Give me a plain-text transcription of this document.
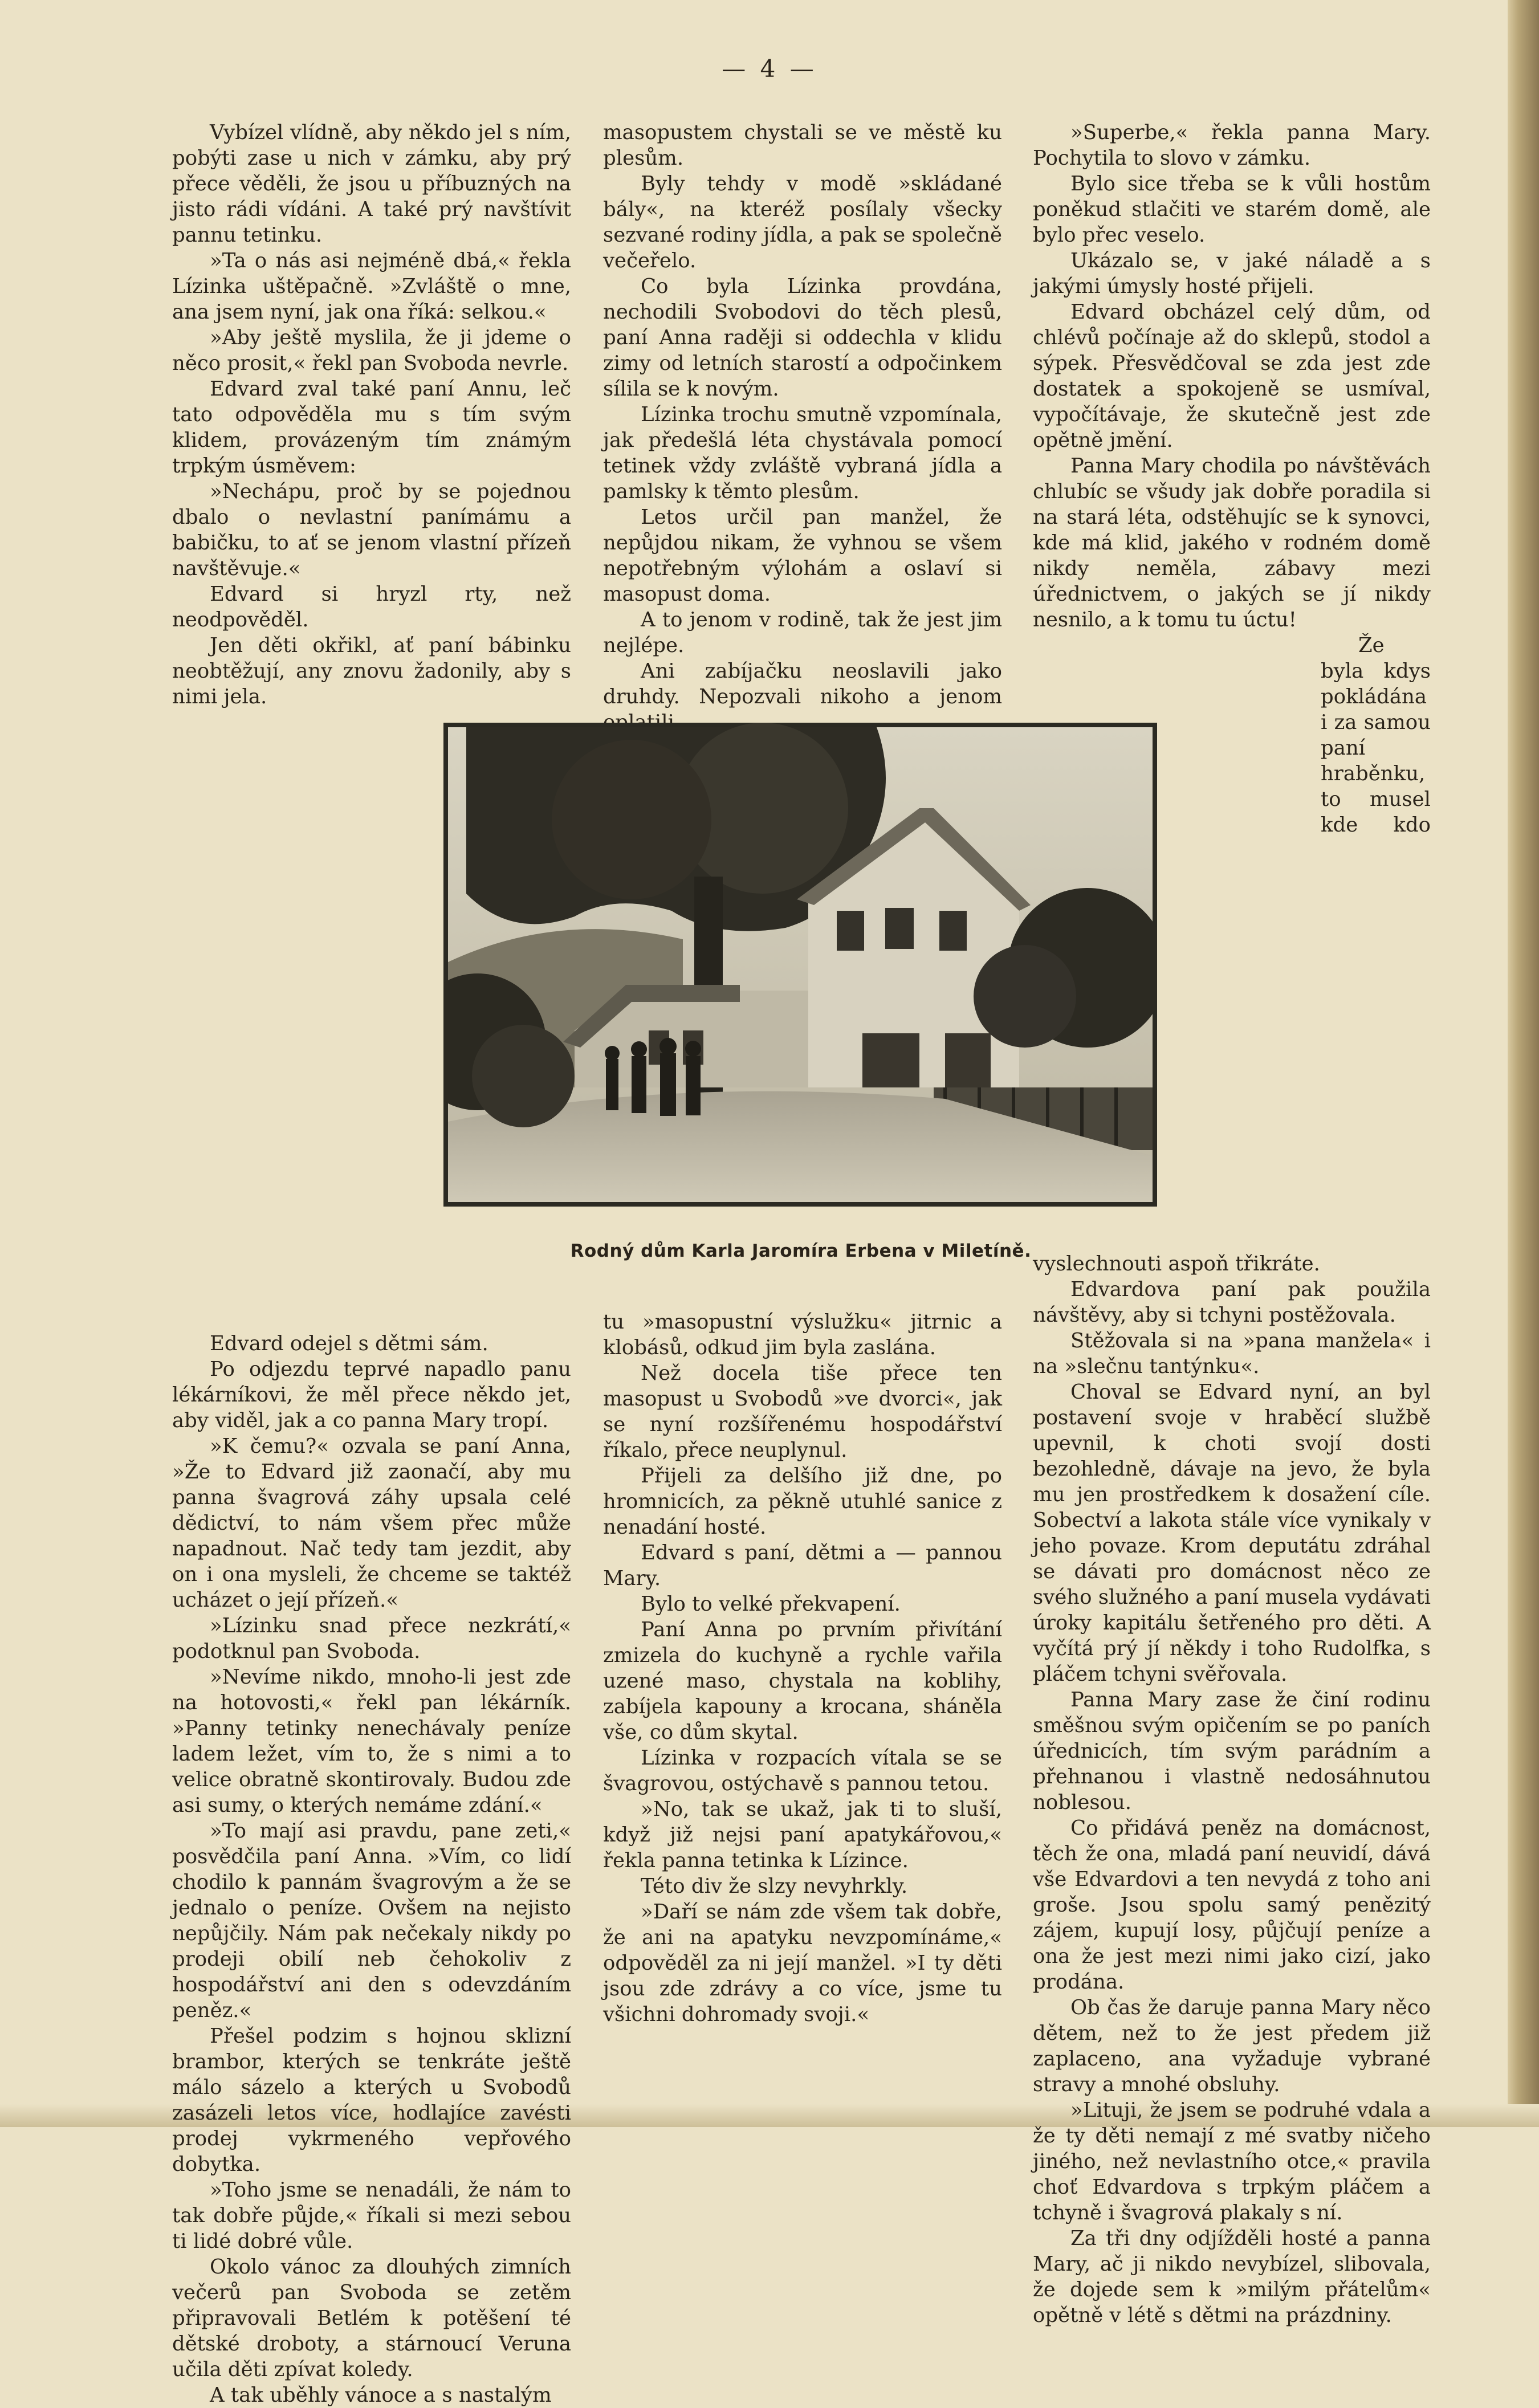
— 4 —

Vybízel vlídně, aby někdo jel s ním, pobýti zase u nich v zámku, aby prý přece věděli, že jsou u příbuzných na jisto rádi vídáni. A také prý navštívit pannu tetinku.

»Ta o nás asi nejméně dbá,« řekla Lízinka uštěpačně. »Zvláště o mne, ana jsem nyní, jak ona říká: selkou.«

»Aby ještě myslila, že ji jdeme o něco prosit,« řekl pan Svoboda nevrle.

Edvard zval také paní Annu, leč tato odpověděla mu s tím svým klidem, provázeným tím známým trpkým úsměvem:

»Nechápu, proč by se pojednou dbalo o nevlastní panímámu a babičku, to ať se jenom vlastní přízeň navštěvuje.«

Edvard si hryzl rty, než neodpověděl.

Jen děti okřikl, ať paní bábinku neobtěžují, any znovu žadonily, aby s nimi jela.

Edvard odejel s dětmi sám.

Po odjezdu teprvé napadlo panu lékárníkovi, že měl přece někdo jet, aby viděl, jak a co panna Mary tropí.

»K čemu?« ozvala se paní Anna, »Že to Edvard již zaonačí, aby mu panna švagrová záhy upsala celé dědictví, to nám všem přec může napadnout. Nač tedy tam jezdit, aby on i ona mysleli, že chceme se taktéž ucházet o její přízeň.«

»Lízinku snad přece nezkrátí,« podotknul pan Svoboda.

»Nevíme nikdo, mnoho-li jest zde na hotovosti,« řekl pan lékárník. »Panny tetinky nenechávaly peníze ladem ležet, vím to, že s nimi a to velice obratně skontirovaly. Budou zde asi sumy, o kterých nemáme zdání.«

»To mají asi pravdu, pane zeti,« posvědčila paní Anna. »Vím, co lidí chodilo k pannám švagrovým a že se jednalo o peníze. Ovšem na nejisto nepůjčily. Nám pak nečekaly nikdy po prodeji obilí neb čehokoliv z hospodářství ani den s odevzdáním peněz.«

Přešel podzim s hojnou sklizní brambor, kterých se tenkráte ještě málo sázelo a kterých u Svobodů zasázeli letos více, hodlajíce zavésti prodej vykrmeného vepřového dobytka.

»Toho jsme se nenadáli, že nám to tak dobře půjde,« říkali si mezi sebou ti lidé dobré vůle.

Okolo vánoc za dlouhých zimních večerů pan Svoboda se zetěm připravovali Betlém k potěšení té dětské droboty, a stárnoucí Veruna učila děti zpívat koledy.

A tak uběhly vánoce a s nastalým

masopustem chystali se ve městě ku plesům.

Byly tehdy v modě »skládané bály«, na kteréž posílaly všecky sezvané rodiny jídla, a pak se společně večeřelo.

Co byla Lízinka provdána, nechodili Svobodovi do těch plesů, paní Anna raději si oddechla v klidu zimy od letních starostí a odpočinkem sílila se k novým.

Lízinka trochu smutně vzpomínala, jak předešlá léta chystávala pomocí tetinek vždy zvláště vybraná jídla a pamlsky k těmto plesům.

Letos určil pan manžel, že nepůjdou nikam, že vyhnou se všem nepotřebným výlohám a oslaví si masopust doma.

A to jenom v rodině, tak že jest jim nejlépe.

Ani zabíjačku neoslavili jako druhdy. Nepozvali nikoho a jenom

tu »masopustní výslužku« jitrnic a klobásů, odkud jim byla zaslána.

Než docela tiše přece ten masopust u Svobodů »ve dvorci«, jak se nyní rozšířenému hospodářství říkalo, přece neuplynul.

Přijeli za delšího již dne, po hromnicích, za pěkně utuhlé sanice z nenadání hosté.

Edvard s paní, dětmi a — pannou Mary.

Bylo to velké překvapení.

Paní Anna po prvním přivítání zmizela do kuchyně a rychle vařila uzené maso, chystala na koblihy, zabíjela kapouny a krocana, sháněla vše, co dům skytal.

Lízinka v rozpacích vítala se se švagrovou, ostýchavě s pannou tetou.

»No, tak se ukaž, jak ti to sluší, když již nejsi paní apatykářovou,« řekla panna tetinka k Lízince.

Této div že slzy nevyhrkly.

»Daří se nám zde všem tak dobře, že ani na apatyku nevzpomínáme,« odpověděl za ni její manžel. »I ty děti jsou zde zdrávy a co více, jsme tu všichni dohromady svoji.«

»Superbe,« řekla panna Mary. Pochytila to slovo v zámku.

Bylo sice třeba se k vůli hostům poněkud stlačiti ve starém domě, ale bylo přec veselo.

Ukázalo se, v jaké náladě a s jakými úmysly hosté přijeli.

Edvard obcházel celý dům, od chlévů počínaje až do sklepů, stodol a sýpek. Přesvědčoval se zda jest zde dostatek a spokojeně se usmíval, vypočítávaje, že skutečně jest zde opětně jmění.

Panna Mary chodila po návštěvách chlubíc se všudy jak dobře poradila si na stará léta, odstěhujíc se k synovci, kde má klid, jakého v rodném domě nikdy neměla, zábavy mezi úřednictvem, o jakých se jí nikdy nesnilo, a k tomu tu úctu!

Že byla kdys pokládána i za samou paní hraběnku, to musel kde kdo vyslechnouti aspoň třikráte.

Edvardova paní pak použila návštěvy, aby si tchyni postěžovala.

Stěžovala si na »pana manžela« i na »slečnu tantýnku«.

Choval se Edvard nyní, an byl postavení svoje v hraběcí službě upevnil, k choti svojí dosti bezohledně, dávaje na jevo, že byla mu jen prostředkem k dosažení cíle. Sobectví a lakota stále více vynikaly v jeho povaze. Krom deputátu zdráhal se dávati pro domácnost něco ze svého služného a paní musela vydávati úroky kapitálu šetřeného pro děti. A vyčítá prý jí někdy i toho Rudolfka, s pláčem tchyni svěřovala.

Panna Mary zase že činí rodinu směšnou svým opičením se po paních úřednicích, tím svým parádním a přehnanou i vlastně nedosáhnutou noblesou.

Co přidává peněz na domácnost, těch že ona, mladá paní neuvidí, dává vše Edvardovi a ten nevydá z toho ani groše. Jsou spolu samý penězitý zájem, kupují losy, půjčují peníze a ona že jest mezi nimi jako cizí, jako prodána.

Ob čas že daruje panna Mary něco dětem, než to že jest předem již zaplaceno, ana vyžaduje vybrané stravy a mnohé obsluhy.

»Lituji, že jsem se podruhé vdala a že ty děti nemají z mé svatby ničeho jiného, než nevlastního otce,« pravila choť Edvardova s trpkým pláčem a tchyně i švagrová plakaly s ní.

Za tři dny odjížděli hosté a panna Mary, ač ji nikdo nevybízel, slibovala, že dojede sem k »milým přátelům« opětně v létě s dětmi na prázdniny.

Rodný dům Karla Jaromíra Erbena v Miletíně.
